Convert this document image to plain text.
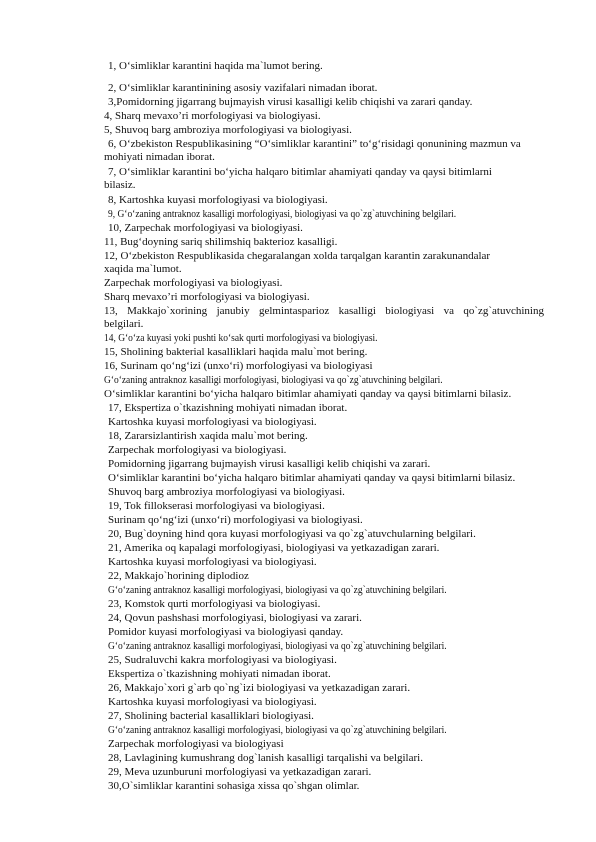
1, O‘simliklar karantini haqida ma`lumot bering.
2, O‘simliklar karantinining asosiy vazifalari nimadan iborat.
3,Pomidorning jigarrang bujmayish virusi kasalligi kelib chiqishi va zarari qanday.
4, Sharq mevaxo’ri morfologiyasi va biologiyasi.
5, Shuvoq barg ambroziya morfologiyasi va biologiyasi.
6, O‘zbekiston Respublikasining “O‘simliklar karantini” to‘g‘risidagi qonunining mazmun va
mohiyati nimadan iborat.
7, O‘simliklar karantini bo‘yicha halqaro bitimlar ahamiyati qanday va qaysi bitimlarni
bilasiz.
8, Kartoshka kuyasi morfologiyasi va biologiyasi.
9, G‘o‘zaning antraknoz kasalligi morfologiyasi, biologiyasi va qo`zg`atuvchining belgilari.
10, Zarpechak morfologiyasi va biologiyasi.
11, Bug‘doyning sariq shilimshiq bakterioz kasalligi.
12, O‘zbekiston Respublikasida chegaralangan xolda tarqalgan karantin zarakunandalar
xaqida ma`lumot.
Zarpechak morfologiyasi va biologiyasi.
Sharq mevaxo’ri morfologiyasi va biologiyasi.
13, Makkajo`xorining janubiy gelmintasparioz kasalligi biologiyasi va qo`zg`atuvchining
belgilari.
14, G‘o‘za kuyasi yoki pushti ko‘sak qurti morfologiyasi va biologiyasi.
15, Sholining bakterial kasalliklari haqida malu`mot bering.
16, Surinam qo‘ng‘izi (unxo‘ri) morfologiyasi va biologiyasi
G‘o‘zaning antraknoz kasalligi morfologiyasi, biologiyasi va qo`zg`atuvchining belgilari.
O‘simliklar karantini bo‘yicha halqaro bitimlar ahamiyati qanday va qaysi bitimlarni bilasiz.
17, Ekspertiza o`tkazishning mohiyati nimadan iborat.
Kartoshka kuyasi morfologiyasi va biologiyasi.
18, Zararsizlantirish xaqida malu`mot bering.
Zarpechak morfologiyasi va biologiyasi.
Pomidorning jigarrang bujmayish virusi kasalligi kelib chiqishi va zarari.
O‘simliklar karantini bo‘yicha halqaro bitimlar ahamiyati qanday va qaysi bitimlarni bilasiz.
Shuvoq barg ambroziya morfologiyasi va biologiyasi.
19, Tok fillokserasi morfologiyasi va biologiyasi.
Surinam qo‘ng‘izi (unxo‘ri) morfologiyasi va biologiyasi.
20, Bug`doyning hind qora kuyasi morfologiyasi va qo`zg`atuvchularning belgilari.
21, Amerika oq kapalagi morfologiyasi, biologiyasi va yetkazadigan zarari.
Kartoshka kuyasi morfologiyasi va biologiyasi.
22, Makkajo`horining diplodioz
G‘o‘zaning antraknoz kasalligi morfologiyasi, biologiyasi va qo`zg`atuvchining belgilari.
23, Komstok qurti morfologiyasi va biologiyasi.
24, Qovun pashshasi morfologiyasi, biologiyasi va zarari.
Pomidor kuyasi morfologiyasi va biologiyasi qanday.
G‘o‘zaning antraknoz kasalligi morfologiyasi, biologiyasi va qo`zg`atuvchining belgilari.
25, Sudraluvchi kakra morfologiyasi va biologiyasi.
Ekspertiza o`tkazishning mohiyati nimadan iborat.
26, Makkajo`xori g`arb qo`ng`izi biologiyasi va yetkazadigan zarari.
Kartoshka kuyasi morfologiyasi va biologiyasi.
27, Sholining bacterial kasalliklari biologiyasi.
G‘o‘zaning antraknoz kasalligi morfologiyasi, biologiyasi va qo`zg`atuvchining belgilari.
Zarpechak morfologiyasi va biologiyasi
28, Lavlagining kumushrang dog`lanish kasalligi tarqalishi va belgilari.
29, Meva uzunburuni morfologiyasi va yetkazadigan zarari.
30,O`simliklar karantini sohasiga xissa qo`shgan olimlar.
